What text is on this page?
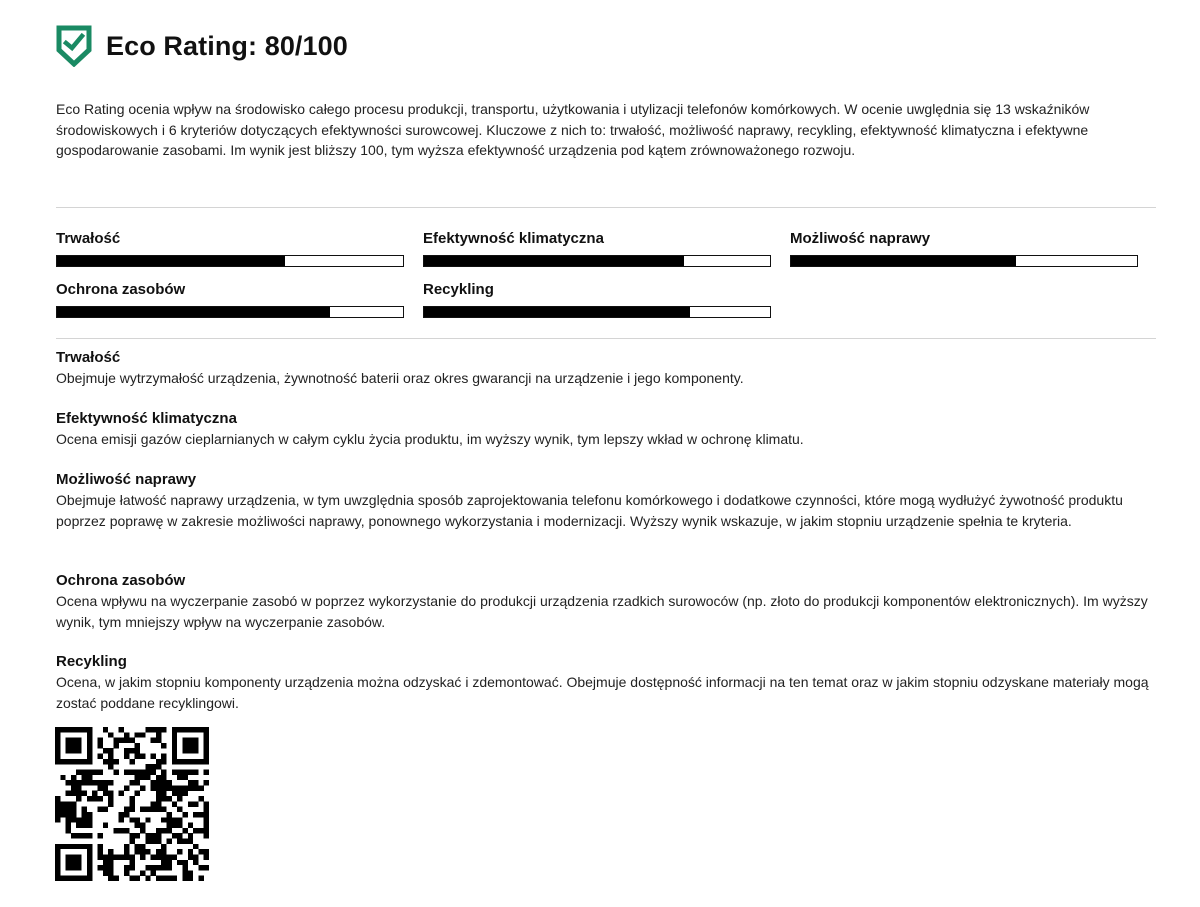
Eco Rating: 80/100
Eco Rating ocenia wpływ na środowisko całego procesu produkcji, transportu, użytkowania i utylizacji telefonów komórkowych. W ocenie uwględnia się 13 wskaźników środowiskowych i 6 kryteriów dotyczących efektywności surowcowej. Kluczowe z nich to: trwałość, możliwość naprawy, recykling, efektywność klimatyczna i efektywne gospodarowanie zasobami. Im wynik jest bliższy 100, tym wyższa efektywność urządzenia pod kątem zrównoważonego rozwoju.
Trwałość	Efektywność klimatyczna	Możliwość naprawy
Ochrona zasobów	Recykling
Trwałość
Obejmuje wytrzymałość urządzenia, żywnotność baterii oraz okres gwarancji na urządzenie i jego komponenty.
Efektywność klimatyczna
Ocena emisji gazów cieplarnianych w całym cyklu życia produktu, im wyższy wynik, tym lepszy wkład w ochronę klimatu.
Możliwość naprawy
Obejmuje łatwość naprawy urządzenia, w tym uwzględnia sposób zaprojektowania telefonu komórkowego i dodatkowe czynności, które mogą wydłużyć żywotność produktu poprzez poprawę w zakresie możliwości naprawy, ponownego wykorzystania i modernizacji. Wyższy wynik wskazuje, w jakim stopniu urządzenie spełnia te kryteria.
Ochrona zasobów
Ocena wpływu na wyczerpanie zasobó w poprzez wykorzystanie do produkcji urządzenia rzadkich surowoców (np. złoto do produkcji komponentów elektronicznych). Im wyższy wynik, tym mniejszy wpływ na wyczerpanie zasobów.
Recykling
Ocena, w jakim stopniu komponenty urządzenia można odzyskać i zdemontować. Obejmuje dostępność informacji na ten temat oraz w jakim stopniu odzyskane materiały mogą zostać poddane recyklingowi.
